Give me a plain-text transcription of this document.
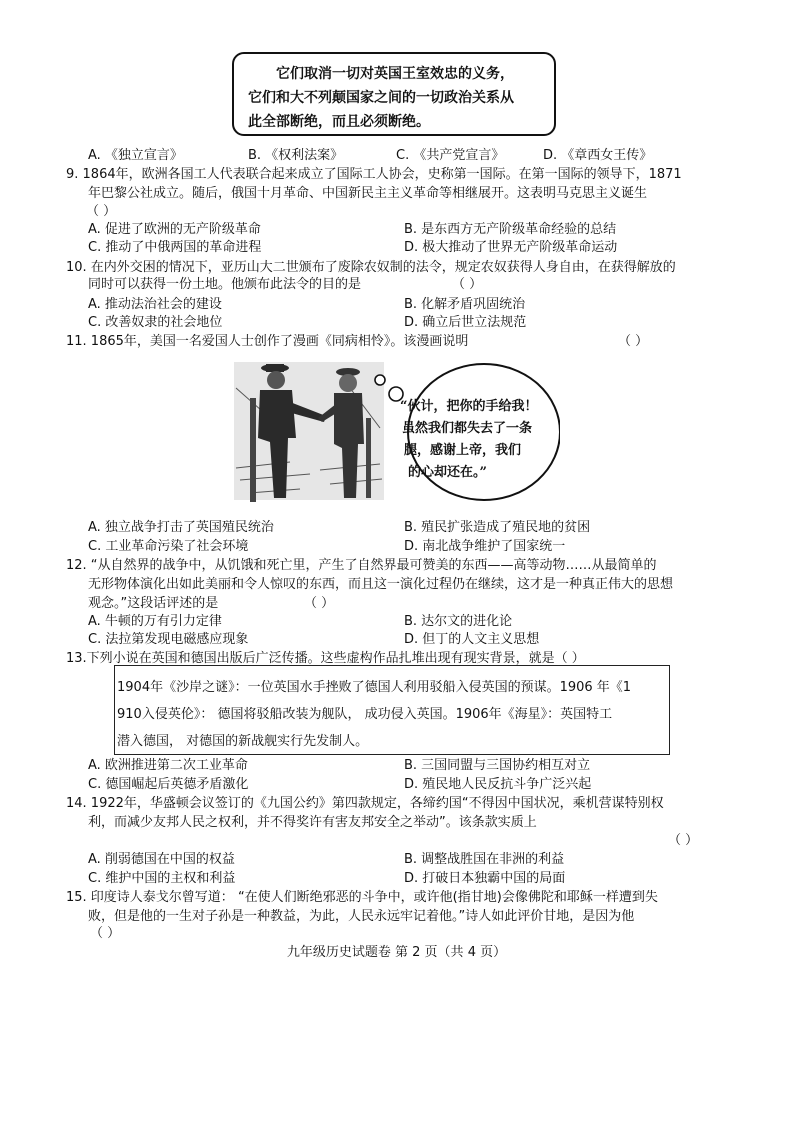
它们取消一切对英国王室效忠的义务，
它们和大不列颠国家之间的一切政治关系从
此全部断绝，而且必须断绝。
A. 《独立宣言》	B. 《权利法案》	C. 《共产党宣言》	D. 《章西女王传》
9. 1864年，欧洲各国工人代表联合起来成立了国际工人协会，史称第一国际。在第一国际的领导下，1871
年巴黎公社成立。随后，俄国十月革命、中国新民主主义革命等相继展开。这表明马克思主义诞生
（ ）
A. 促进了欧洲的无产阶级革命	B. 是东西方无产阶级革命经验的总结
C. 推动了中俄两国的革命进程	D. 极大推动了世界无产阶级革命运动
10. 在内外交困的情况下，亚历山大二世颁布了废除农奴制的法令，规定农奴获得人身自由，在获得解放的
同时可以获得一份土地。他颁布此法令的目的是	（ ）
A. 推动法治社会的建设	B. 化解矛盾巩固统治
C. 改善奴隶的社会地位	D. 确立后世立法规范
11. 1865年，美国一名爱国人士创作了漫画《同病相怜》。该漫画说明	（ ）
“伙计，把你的手给我！
虽然我们都失去了一条
腿，感谢上帝，我们
的心却还在。”
A. 独立战争打击了英国殖民统治	B. 殖民扩张造成了殖民地的贫困
C. 工业革命污染了社会环境	D. 南北战争维护了国家统一
12. “从自然界的战争中，从饥饿和死亡里，产生了自然界最可赞美的东西——高等动物……从最简单的
无形物体演化出如此美丽和令人惊叹的东西，而且这一演化过程仍在继续，这才是一种真正伟大的思想
观念。”这段话评述的是	（ ）
A. 牛顿的万有引力定律	B. 达尔文的进化论
C. 法拉第发现电磁感应现象	D. 但丁的人文主义思想
13.下列小说在英国和德国出版后广泛传播。这些虚构作品扎堆出现有现实背景，就是（ ）
1904年《沙岸之谜》：一位英国水手挫败了德国人利用驳船入侵英国的预谋。1906 年《1
910入侵英伦》： 德国将驳船改装为舰队， 成功侵入英国。1906年《海星》：英国特工
潜入德国， 对德国的新战舰实行先发制人。
A. 欧洲推进第二次工业革命	B. 三国同盟与三国协约相互对立
C. 德国崛起后英德矛盾激化	D. 殖民地人民反抗斗争广泛兴起
14. 1922年，华盛顿会议签订的《九国公约》第四款规定，各缔约国“不得因中国状况，乘机营谋特别权
利，而减少友邦人民之权利，并不得奖许有害友邦安全之举动”。该条款实质上
（ ）
A. 削弱德国在中国的权益	B. 调整战胜国在非洲的利益
C. 维护中国的主权和利益	D. 打破日本独霸中国的局面
15. 印度诗人泰戈尔曾写道： “在使人们断绝邪恶的斗争中，或许他(指甘地)会像佛陀和耶稣一样遭到失
败，但是他的一生对子孙是一种教益，为此，人民永远牢记着他。”诗人如此评价甘地，是因为他
（ ）
九年级历史试题卷 第 2 页（共 4 页）
